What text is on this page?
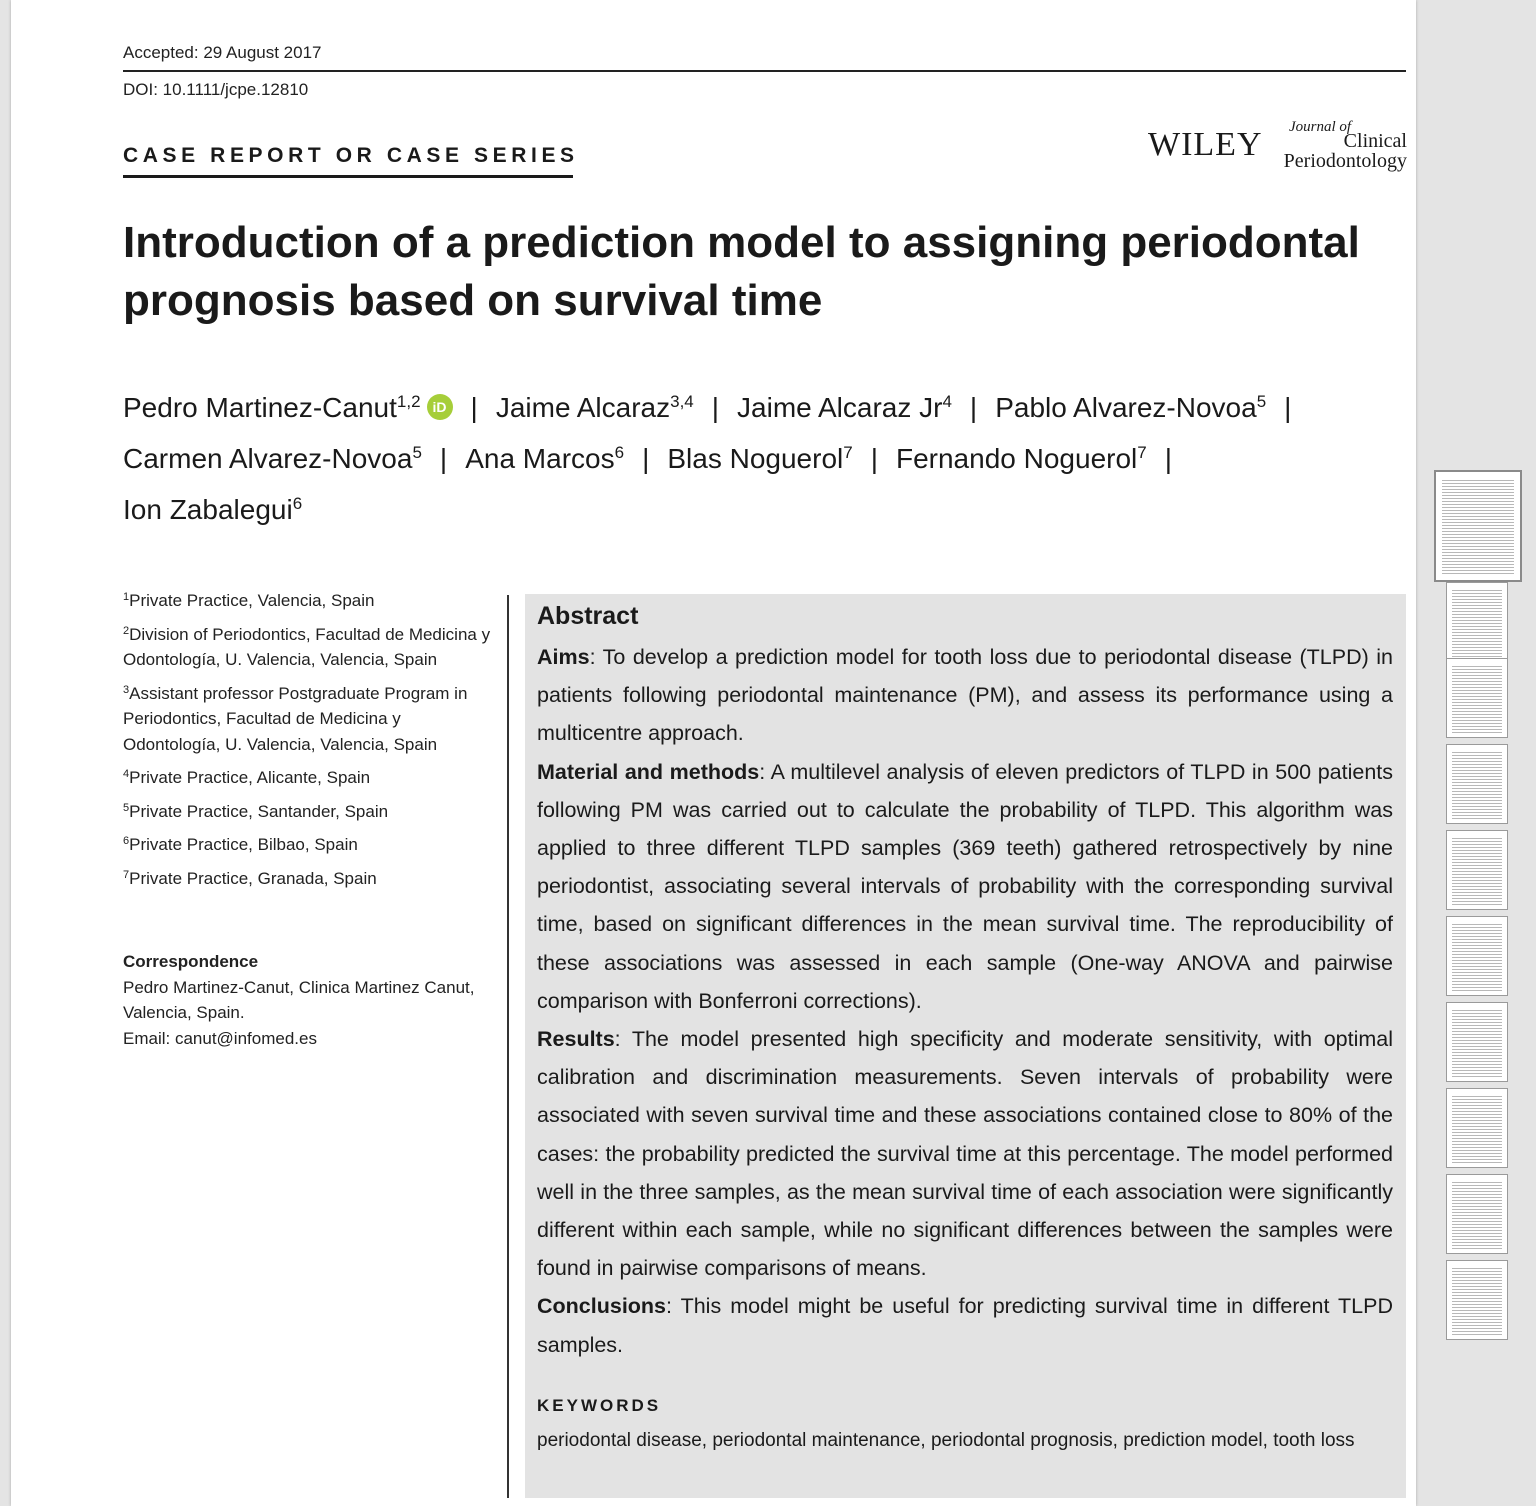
Accepted: 29 August 2017
DOI: 10.1111/jcpe.12810
CASE REPORT OR CASE SERIES	WILEY	Journal of
Clinical
Periodontology
Introduction of a prediction model to assigning periodontal prognosis based on survival time
Pedro Martinez-Canut$^{1,2}$ iD | Jaime Alcaraz$^{3,4}$ | Jaime Alcaraz Jr$^4$ | Pablo Alvarez-Novoa$^5$ |
Carmen Alvarez-Novoa$^5$ | Ana Marcos$^6$ | Blas Noguerol$^7$ | Fernando Noguerol$^7$ |
Ion Zabalegui$^6$
$^1$Private Practice, Valencia, Spain
$^2$Division of Periodontics, Facultad de Medicina y Odontología, U. Valencia, Valencia, Spain
$^3$Assistant professor Postgraduate Program in Periodontics, Facultad de Medicina y Odontología, U. Valencia, Valencia, Spain
$^4$Private Practice, Alicante, Spain
$^5$Private Practice, Santander, Spain
$^6$Private Practice, Bilbao, Spain
$^7$Private Practice, Granada, Spain
Correspondence
Pedro Martinez-Canut, Clinica Martinez Canut, Valencia, Spain.
Email: canut@infomed.es
Abstract

Aims: To develop a prediction model for tooth loss due to periodontal disease (TLPD) in patients following periodontal maintenance (PM), and assess its performance using a multicentre approach.

Material and methods: A multilevel analysis of eleven predictors of TLPD in 500 patients following PM was carried out to calculate the probability of TLPD. This algorithm was applied to three different TLPD samples (369 teeth) gathered retrospectively by nine periodontist, associating several intervals of probability with the corresponding survival time, based on significant differences in the mean survival time. The reproducibility of these associations was assessed in each sample (One-way ANOVA and pairwise comparison with Bonferroni corrections).

Results: The model presented high specificity and moderate sensitivity, with optimal calibration and discrimination measurements. Seven intervals of probability were associated with seven survival time and these associations contained close to 80% of the cases: the probability predicted the survival time at this percentage. The model performed well in the three samples, as the mean survival time of each association were significantly different within each sample, while no significant differences between the samples were found in pairwise comparisons of means.

Conclusions: This model might be useful for predicting survival time in different TLPD samples.

KEYWORDS
periodontal disease, periodontal maintenance, periodontal prognosis, prediction model, tooth loss
